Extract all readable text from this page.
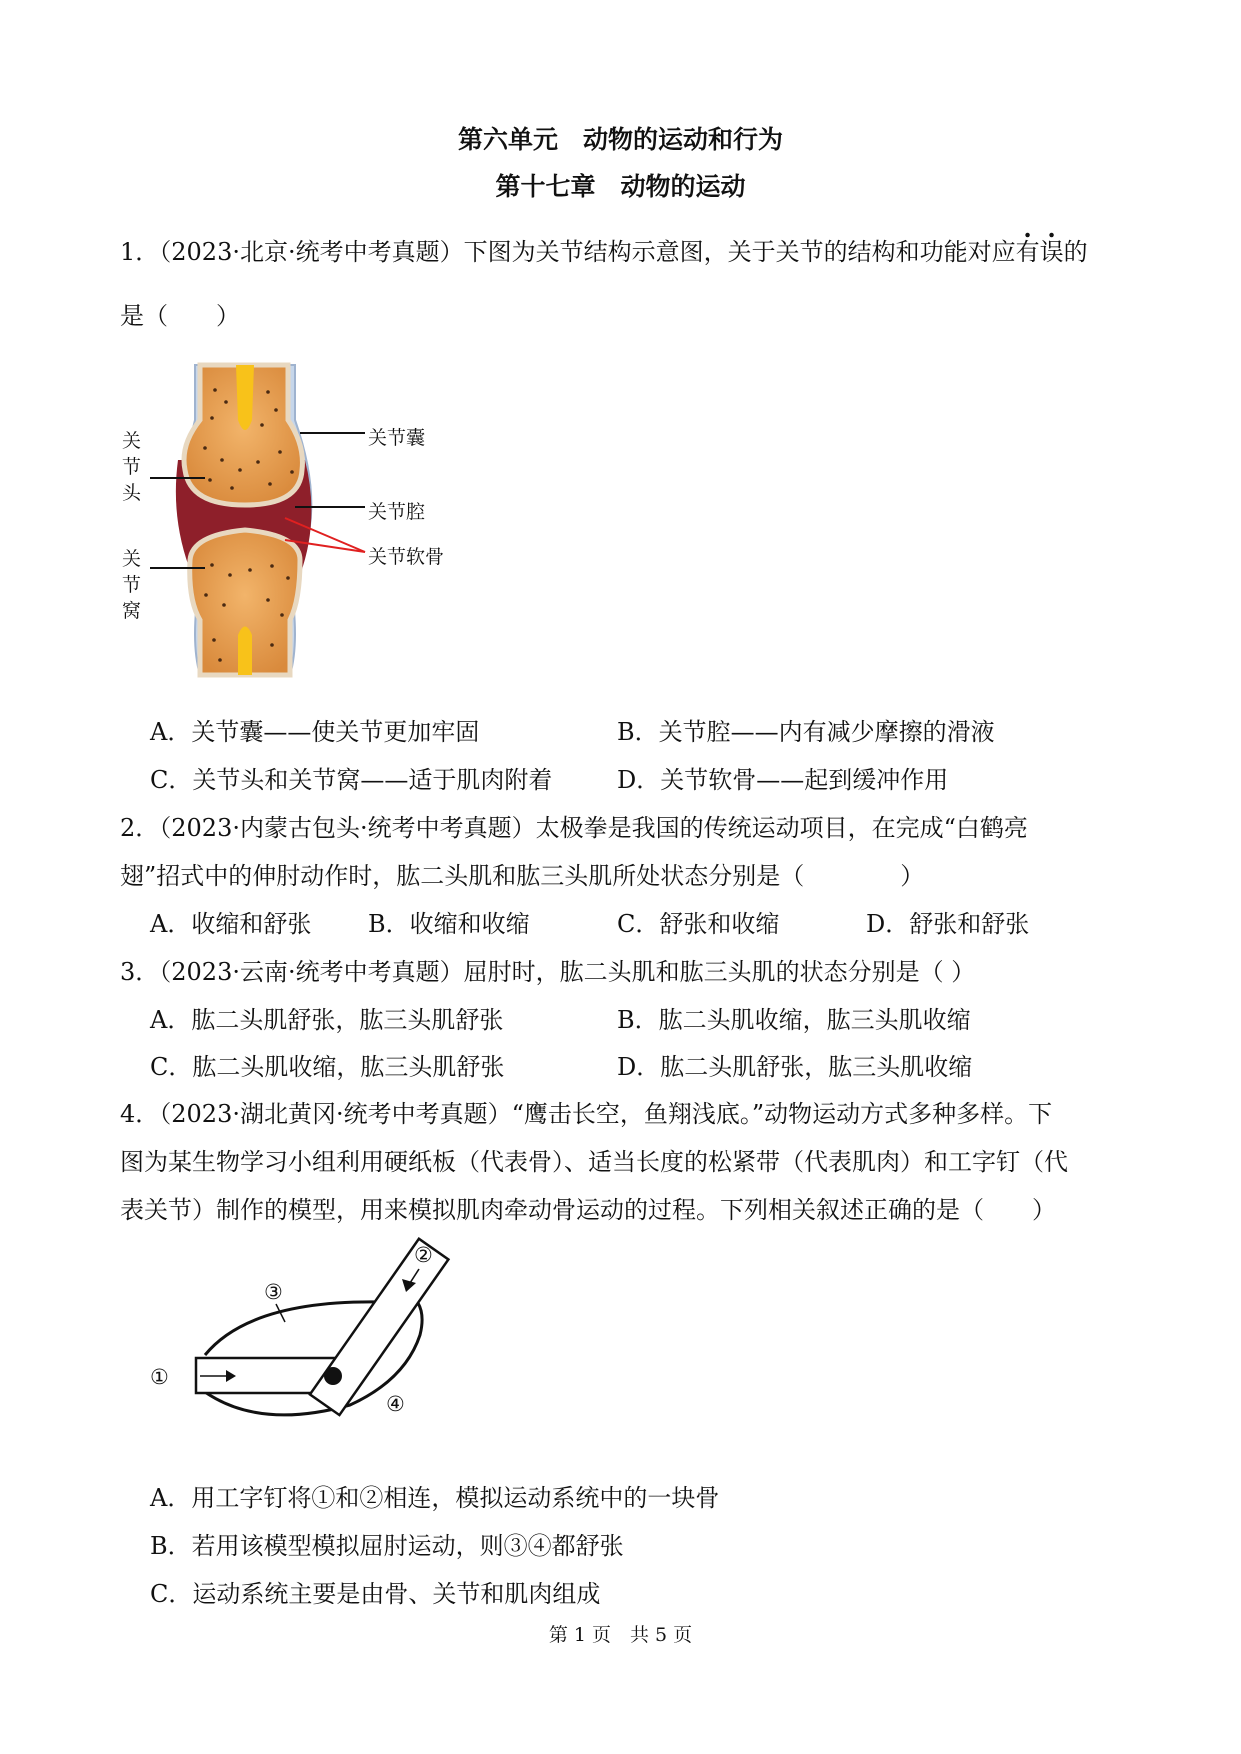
第六单元　动物的运动和行为
第十七章　动物的运动
1．（2023·北京·统考中考真题）下图为关节结构示意图，关于关节的结构和功能对应有误的
是（　　）
关节头
关节窝
关节囊
关节腔
关节软骨
A．关节囊——使关节更加牢固	B．关节腔——内有减少摩擦的滑液
C．关节头和关节窝——适于肌肉附着	D．关节软骨——起到缓冲作用
2．（2023·内蒙古包头·统考中考真题）太极拳是我国的传统运动项目，在完成“白鹤亮
翅”招式中的伸肘动作时，肱二头肌和肱三头肌所处状态分别是（　　　　）
A．收缩和舒张 B．收缩和收缩	C．舒张和收缩	D．舒张和舒张
3．（2023·云南·统考中考真题）屈肘时，肱二头肌和肱三头肌的状态分别是（ ）
A．肱二头肌舒张，肱三头肌舒张	B．肱二头肌收缩，肱三头肌收缩
C．肱二头肌收缩，肱三头肌舒张	D．肱二头肌舒张，肱三头肌收缩
4．（2023·湖北黄冈·统考中考真题）“鹰击长空，鱼翔浅底。”动物运动方式多种多样。下
图为某生物学习小组利用硬纸板（代表骨）、适当长度的松紧带（代表肌肉）和工字钉（代
表关节）制作的模型，用来模拟肌肉牵动骨运动的过程。下列相关叙述正确的是（　　）
①
②
③
④
A．用工字钉将①和②相连，模拟运动系统中的一块骨
B．若用该模型模拟屈肘运动，则③④都舒张
C．运动系统主要是由骨、关节和肌肉组成
第 1 页　共 5 页
